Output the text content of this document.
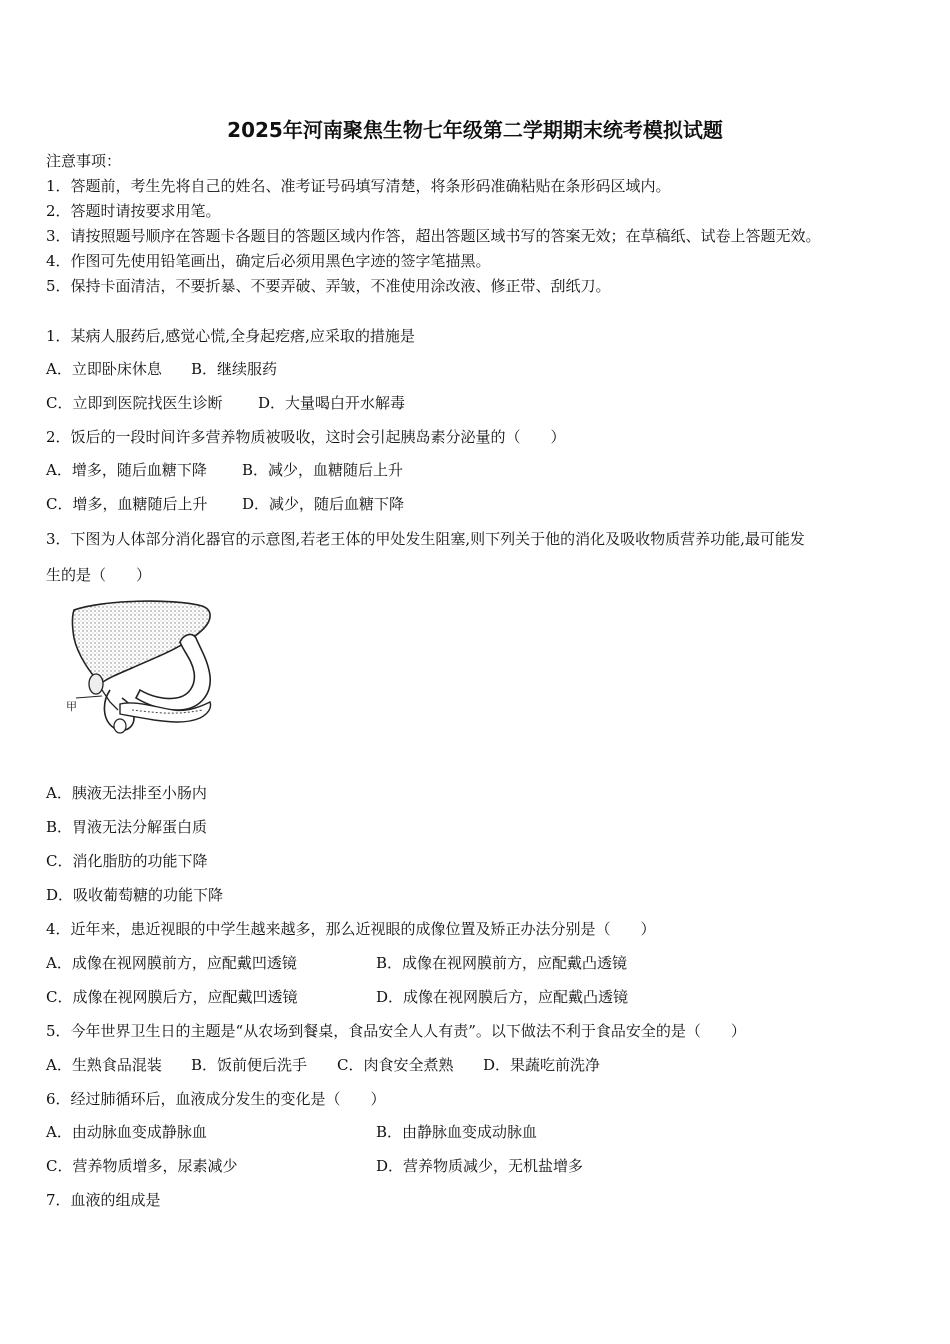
2025年河南聚焦生物七年级第二学期期末统考模拟试题
注意事项：
1．答题前，考生先将自己的姓名、准考证号码填写清楚，将条形码准确粘贴在条形码区域内。
2．答题时请按要求用笔。
3．请按照题号顺序在答题卡各题目的答题区域内作答，超出答题区域书写的答案无效；在草稿纸、试卷上答题无效。
4．作图可先使用铅笔画出，确定后必须用黑色字迹的签字笔描黑。
5．保持卡面清洁，不要折暴、不要弄破、弄皱，不准使用涂改液、修正带、刮纸刀。
1．某病人服药后,感觉心慌,全身起疙瘩,应采取的措施是
A．立即卧床休息 B．继续服药
C．立即到医院找医生诊断 D．大量喝白开水解毒
2．饭后的一段时间许多营养物质被吸收，这时会引起胰岛素分泌量的（　　）
A．增多，随后血糖下降 B．减少，血糖随后上升
C．增多，血糖随后上升 D．减少，随后血糖下降
3．下图为人体部分消化器官的示意图,若老王体的甲处发生阻塞,则下列关于他的消化及吸收物质营养功能,最可能发
生的是（　　）
甲
A．胰液无法排至小肠内
B．胃液无法分解蛋白质
C．消化脂肪的功能下降
D．吸收葡萄糖的功能下降
4．近年来，患近视眼的中学生越来越多，那么近视眼的成像位置及矫正办法分别是（　　）
A．成像在视网膜前方，应配戴凹透镜	B．成像在视网膜前方，应配戴凸透镜
C．成像在视网膜后方，应配戴凹透镜	D．成像在视网膜后方，应配戴凸透镜
5．今年世界卫生日的主题是“从农场到餐桌，食品安全人人有责”。以下做法不利于食品安全的是（　　）
A．生熟食品混装 B．饭前便后洗手 C．肉食安全煮熟 D．果蔬吃前洗净
6．经过肺循环后，血液成分发生的变化是（　　）
A．由动脉血变成静脉血	B．由静脉血变成动脉血
C．营养物质增多，尿素减少	D．营养物质减少，无机盐增多
7．血液的组成是
